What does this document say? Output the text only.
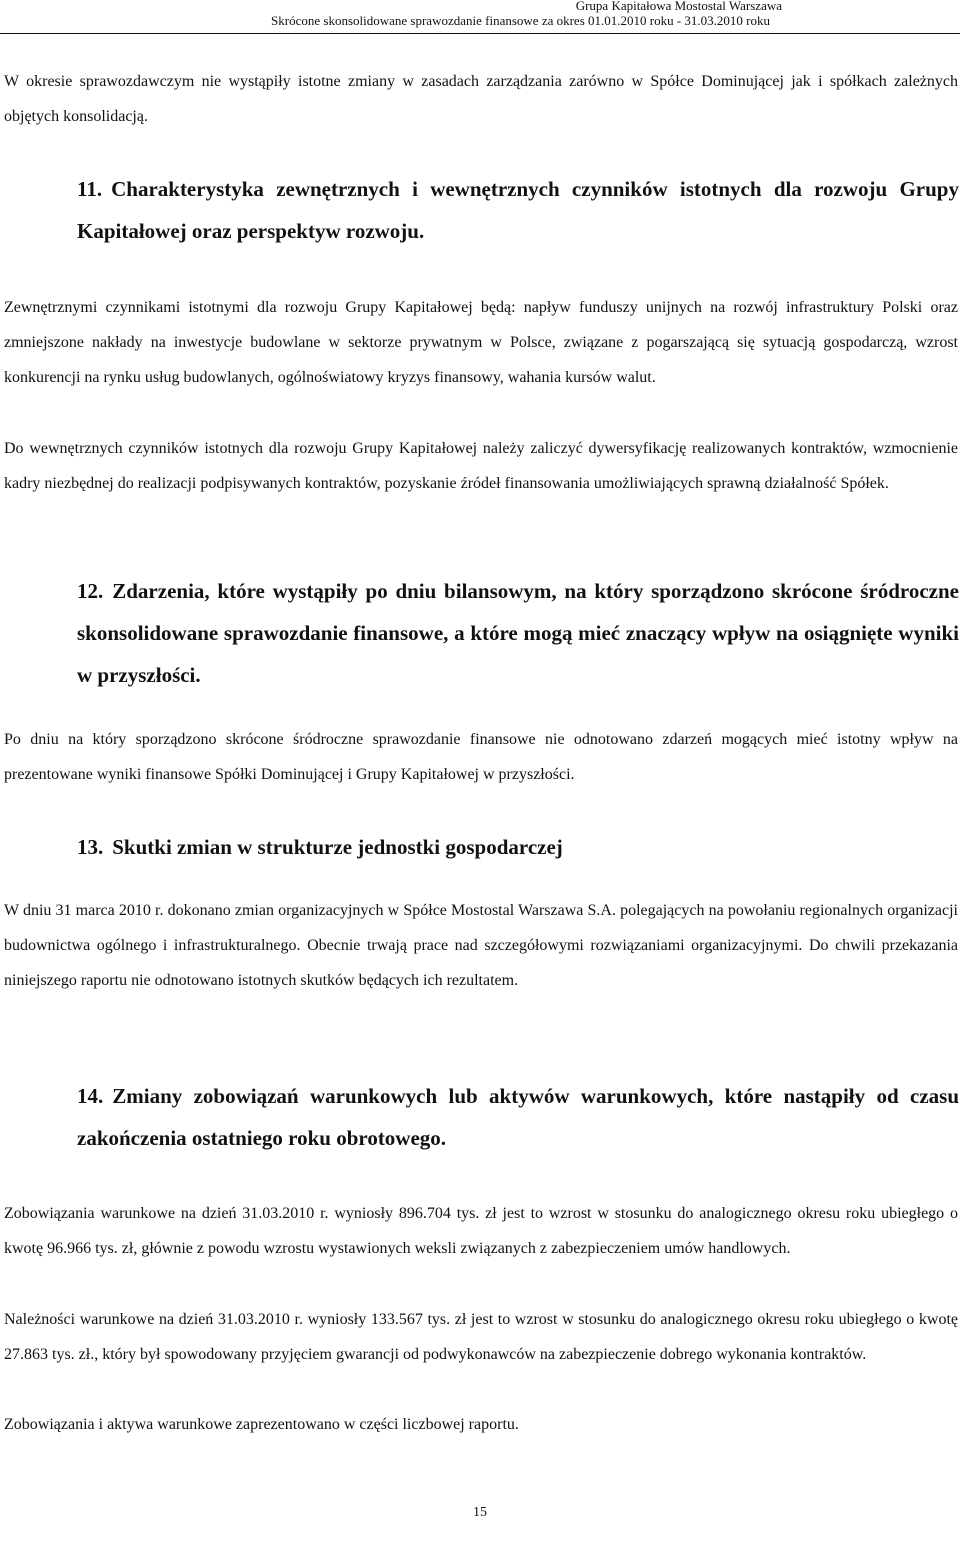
Grupa Kapitałowa Mostostal Warszawa
Skrócone skonsolidowane sprawozdanie finansowe za okres 01.01.2010 roku - 31.03.2010 roku

W okresie sprawozdawczym nie wystąpiły istotne zmiany w zasadach zarządzania zarówno w Spółce Dominującej jak i spółkach zależnych objętych konsolidacją.

11. Charakterystyka zewnętrznych i wewnętrznych czynników istotnych dla rozwoju Grupy Kapitałowej oraz perspektyw rozwoju.

Zewnętrznymi czynnikami istotnymi dla rozwoju Grupy Kapitałowej będą: napływ funduszy unijnych na rozwój infrastruktury Polski oraz zmniejszone nakłady na inwestycje budowlane w sektorze prywatnym w Polsce, związane z pogarszającą się sytuacją gospodarczą, wzrost konkurencji na rynku usług budowlanych, ogólnoświatowy kryzys finansowy, wahania kursów walut.

Do wewnętrznych czynników istotnych dla rozwoju Grupy Kapitałowej należy zaliczyć dywersyfikację realizowanych kontraktów, wzmocnienie kadry niezbędnej do realizacji podpisywanych kontraktów, pozyskanie źródeł finansowania umożliwiających sprawną działalność Spółek.

12. Zdarzenia, które wystąpiły po dniu bilansowym, na który sporządzono skrócone śródroczne skonsolidowane sprawozdanie finansowe, a które mogą mieć znaczący wpływ na osiągnięte wyniki w przyszłości.

Po dniu na który sporządzono skrócone śródroczne sprawozdanie finansowe nie odnotowano zdarzeń mogących mieć istotny wpływ na prezentowane wyniki finansowe Spółki Dominującej i Grupy Kapitałowej w przyszłości.

13. Skutki zmian w strukturze jednostki gospodarczej

W dniu 31 marca 2010 r. dokonano zmian organizacyjnych w Spółce Mostostal Warszawa S.A. polegających na powołaniu regionalnych organizacji budownictwa ogólnego i infrastrukturalnego. Obecnie trwają prace nad szczegółowymi rozwiązaniami organizacyjnymi. Do chwili przekazania niniejszego raportu nie odnotowano istotnych skutków będących ich rezultatem.

14. Zmiany zobowiązań warunkowych lub aktywów warunkowych, które nastąpiły od czasu zakończenia ostatniego roku obrotowego.

Zobowiązania warunkowe na dzień 31.03.2010 r. wyniosły 896.704 tys. zł jest to wzrost w stosunku do analogicznego okresu roku ubiegłego o kwotę 96.966 tys. zł, głównie z powodu wzrostu wystawionych weksli związanych z zabezpieczeniem umów handlowych.

Należności warunkowe na dzień 31.03.2010 r. wyniosły 133.567 tys. zł jest to wzrost w stosunku do analogicznego okresu roku ubiegłego o kwotę 27.863 tys. zł., który był spowodowany przyjęciem gwarancji od podwykonawców na zabezpieczenie dobrego wykonania kontraktów.

Zobowiązania i aktywa warunkowe zaprezentowano w części liczbowej raportu.

15
